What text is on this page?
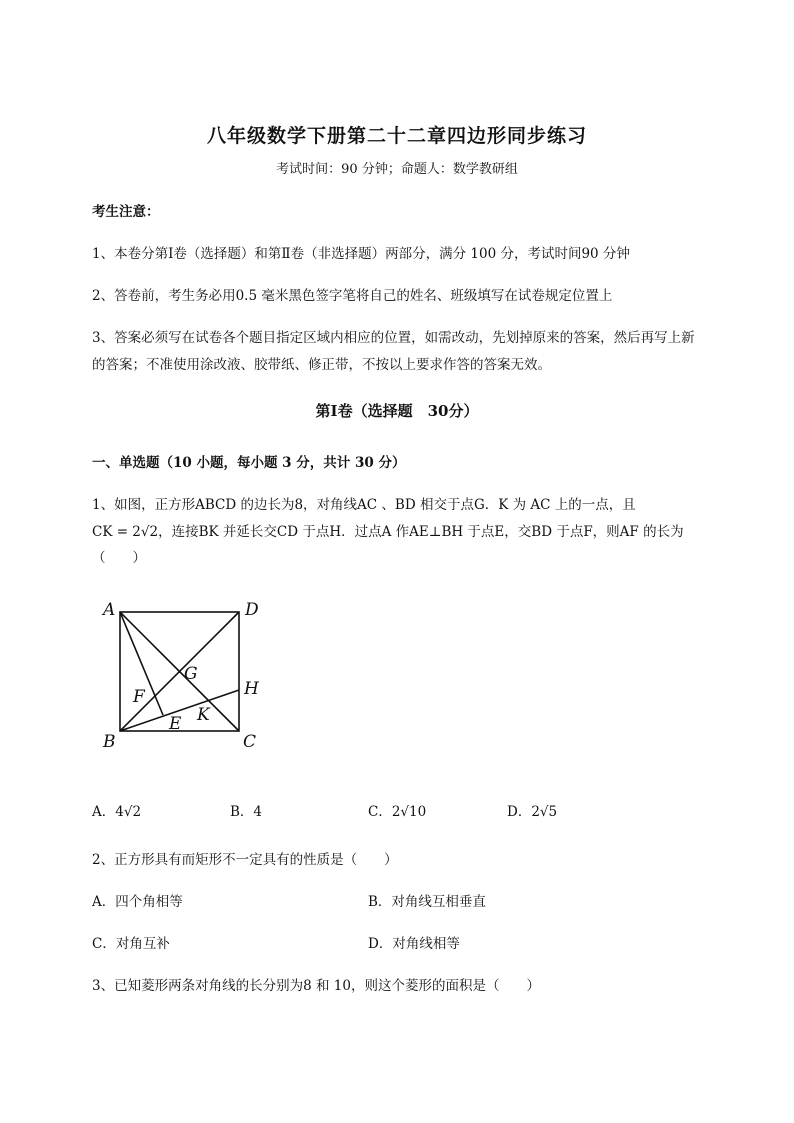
八年级数学下册第二十二章四边形同步练习
考试时间：90 分钟；命题人：数学教研组
考生注意：
1、本卷分第Ⅰ卷（选择题）和第Ⅱ卷（非选择题）两部分，满分 100 分，考试时间90 分钟
2、答卷前，考生务必用0.5 毫米黑色签字笔将自己的姓名、班级填写在试卷规定位置上
3、答案必须写在试卷各个题目指定区域内相应的位置，如需改动，先划掉原来的答案，然后再写上新
的答案；不准使用涂改液、胶带纸、修正带，不按以上要求作答的答案无效。
第Ⅰ卷（选择题　30分）
一、单选题（10 小题，每小题 3 分，共计 30 分）
1、如图，正方形ABCD 的边长为8，对角线AC 、BD 相交于点G．K 为 AC 上的一点，且
CK = 2√2，连接BK 并延长交CD 于点H．过点A 作AE⊥BH 于点E，交BD 于点F，则AF 的长为
（　　）
A	D
B	C
G
F
E K
H
A．4√2	B．4	C．2√10	D．2√5
2、正方形具有而矩形不一定具有的性质是（　　）
A．四个角相等	B．对角线互相垂直
C．对角互补	D．对角线相等
3、已知菱形两条对角线的长分别为8 和 10，则这个菱形的面积是（　　）
